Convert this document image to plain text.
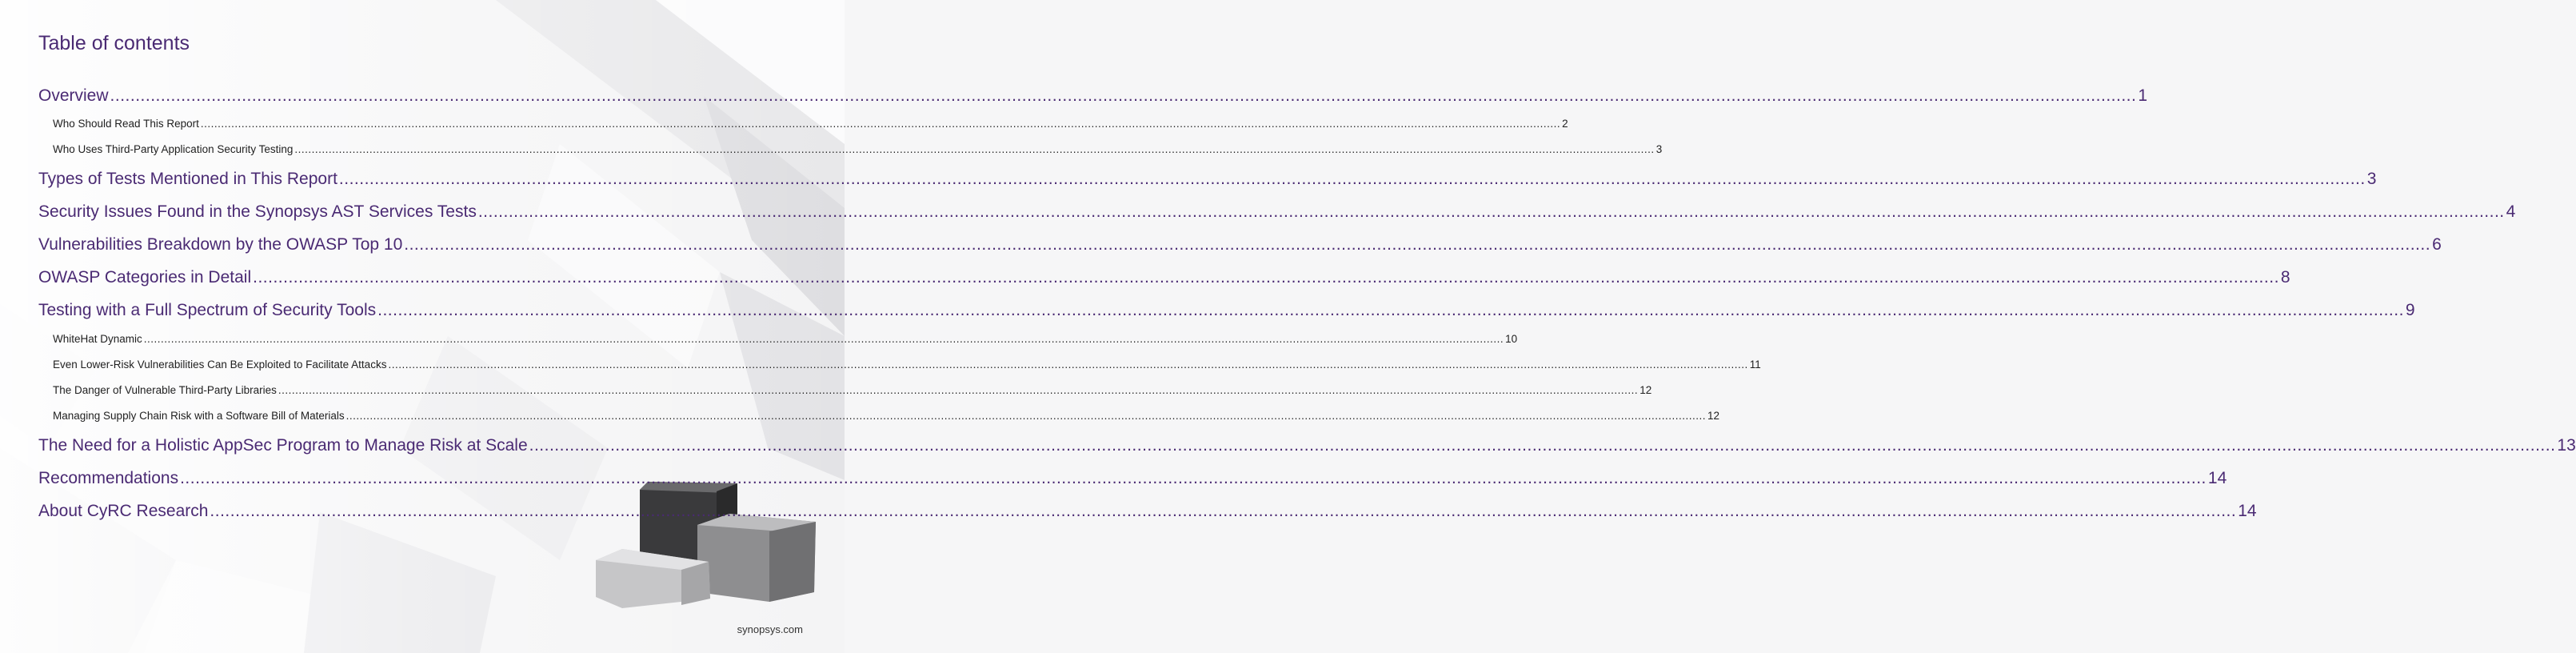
Table of contents
Overview ................................................................................................................................................................................................................................................................................................................................................................................................................ 1
Who Should Read This Report ................................................................................................................................................................................................................................................................................................................................................................................................................ 2
Who Uses Third-Party Application Security Testing ................................................................................................................................................................................................................................................................................................................................................................................................................ 3
Types of Tests Mentioned in This Report ................................................................................................................................................................................................................................................................................................................................................................................................................ 3
Security Issues Found in the Synopsys AST Services Tests ................................................................................................................................................................................................................................................................................................................................................................................................................ 4
Vulnerabilities Breakdown by the OWASP Top 10 ................................................................................................................................................................................................................................................................................................................................................................................................................ 6
OWASP Categories in Detail ................................................................................................................................................................................................................................................................................................................................................................................................................ 8
Testing with a Full Spectrum of Security Tools ................................................................................................................................................................................................................................................................................................................................................................................................................ 9
WhiteHat Dynamic ................................................................................................................................................................................................................................................................................................................................................................................................................ 10
Even Lower-Risk Vulnerabilities Can Be Exploited to Facilitate Attacks ................................................................................................................................................................................................................................................................................................................................................................................................................ 11
The Danger of Vulnerable Third-Party Libraries ................................................................................................................................................................................................................................................................................................................................................................................................................ 12
Managing Supply Chain Risk with a Software Bill of Materials ................................................................................................................................................................................................................................................................................................................................................................................................................ 12
The Need for a Holistic AppSec Program to Manage Risk at Scale ................................................................................................................................................................................................................................................................................................................................................................................................................ 13
Recommendations ................................................................................................................................................................................................................................................................................................................................................................................................................ 14
About CyRC Research ................................................................................................................................................................................................................................................................................................................................................................................................................ 14
synopsys.com
